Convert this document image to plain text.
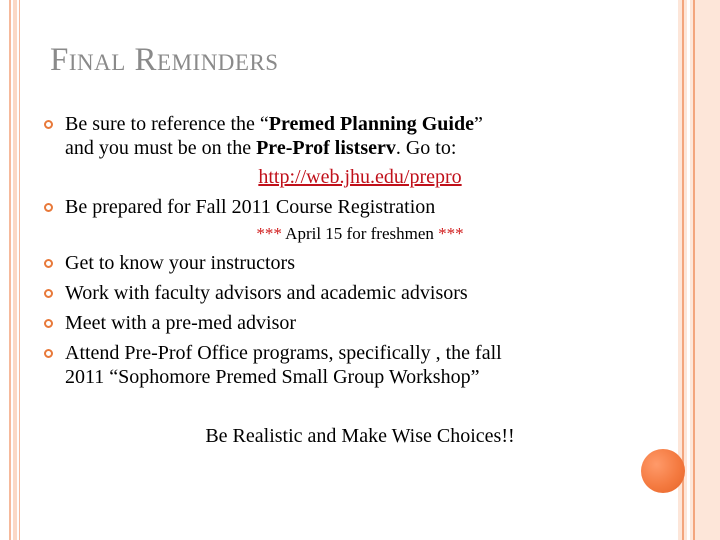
Final Reminders
Be sure to reference the “Premed Planning Guide”
and you must be on the Pre-Prof listserv. Go to:
http://web.jhu.edu/prepro
Be prepared for Fall 2011 Course Registration
*** April 15 for freshmen ***
Get to know your instructors
Work with faculty advisors and academic advisors
Meet with a pre-med advisor
Attend Pre-Prof Office programs, specifically , the fall
2011 “Sophomore Premed Small Group Workshop”
Be Realistic and Make Wise Choices!!
